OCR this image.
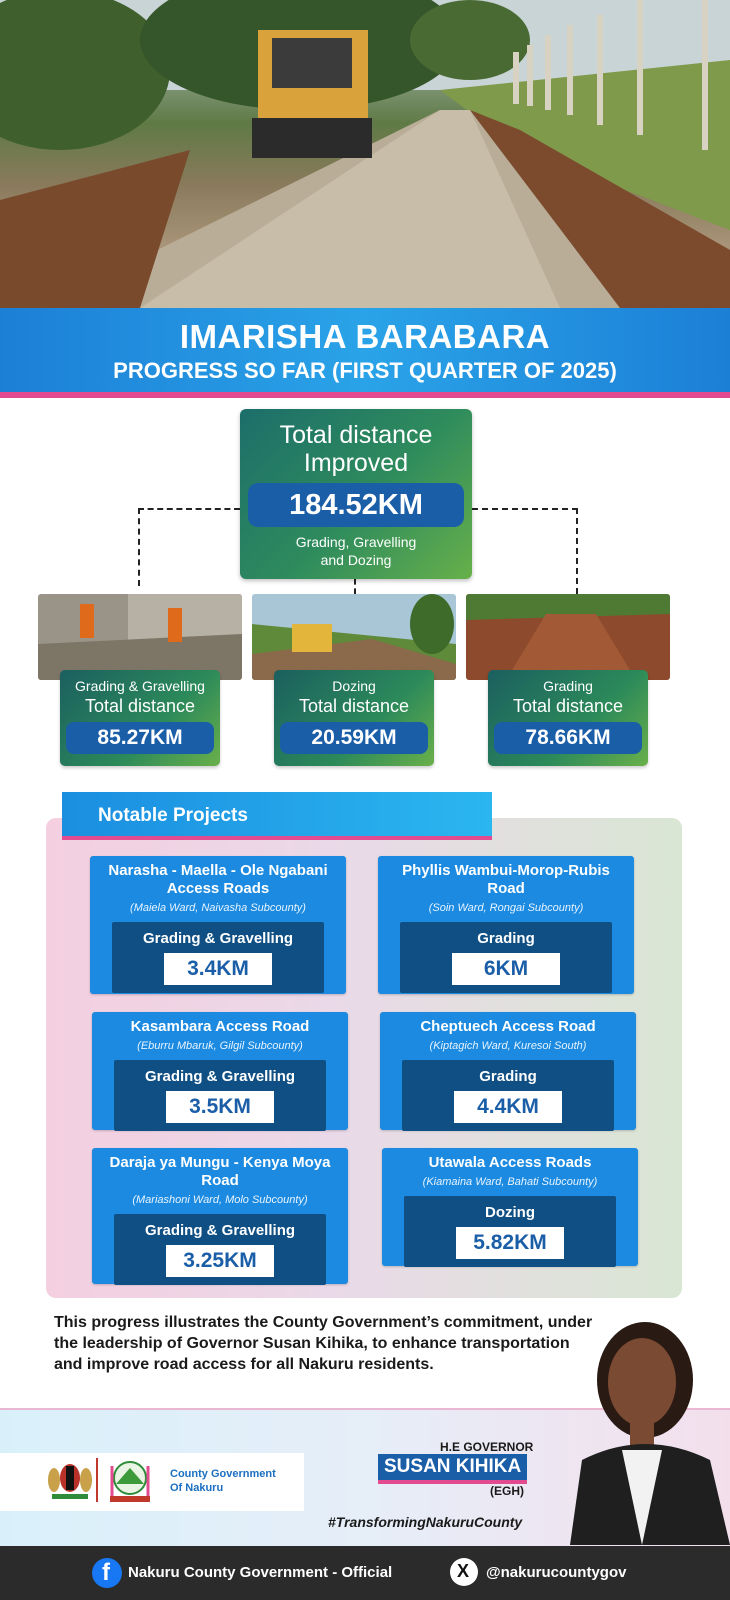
IMARISHA BARABARA
PROGRESS SO FAR (FIRST QUARTER OF 2025)
Total distance
Improved
184.52KM
Grading, Gravelling
and Dozing
Grading & Gravelling
Total distance
85.27KM
Dozing
Total distance
20.59KM
Grading
Total distance
78.66KM
Notable Projects
Narasha - Maella - Ole Ngabani Access Roads
(Maiela Ward, Naivasha Subcounty)
Grading & Gravelling
3.4KM
Phyllis Wambui-Morop-Rubis Road
(Soin Ward, Rongai Subcounty)
Grading
6KM
Kasambara Access Road
(Eburru Mbaruk, Gilgil Subcounty)
Grading & Gravelling
3.5KM
Cheptuech Access Road
(Kiptagich Ward, Kuresoi South)
Grading
4.4KM
Daraja ya Mungu - Kenya Moya Road
(Mariashoni Ward, Molo Subcounty)
Grading & Gravelling
3.25KM
Utawala Access Roads
(Kiamaina Ward, Bahati Subcounty)
Dozing
5.82KM
This progress illustrates the County Government’s commitment, under the leadership of Governor Susan Kihika, to enhance transportation and improve road access for all Nakuru residents.
County Government
Of Nakuru
H.E GOVERNOR
SUSAN KIHIKA
(EGH)
#TransformingNakuruCounty
f Nakuru County Government - Official	X @nakurucountygov
